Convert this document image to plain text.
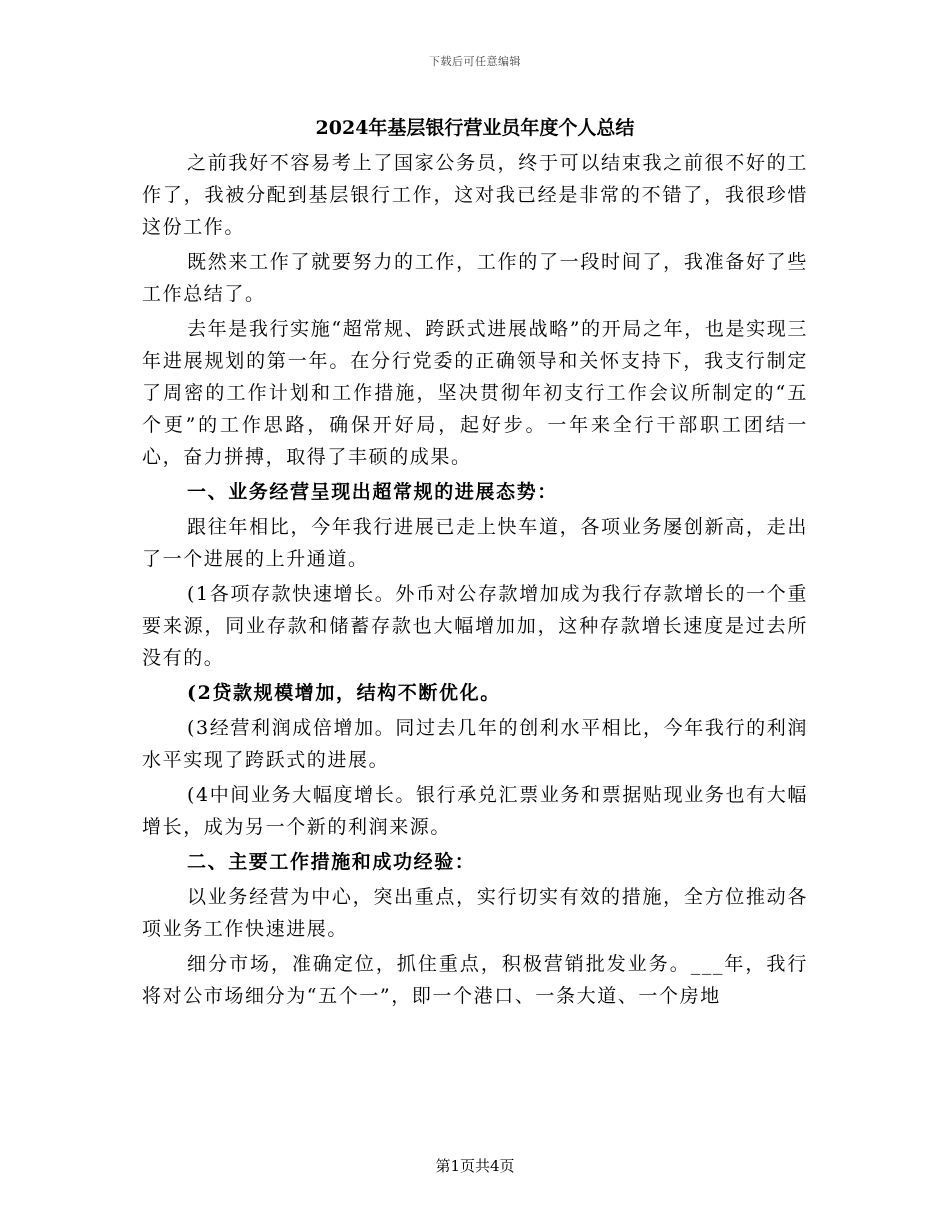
下载后可任意编辑
2024年基层银行营业员年度个人总结

之前我好不容易考上了国家公务员，终于可以结束我之前很不好的工作了，我被分配到基层银行工作，这对我已经是非常的不错了，我很珍惜这份工作。

既然来工作了就要努力的工作，工作的了一段时间了，我准备好了些工作总结了。

去年是我行实施“超常规、跨跃式进展战略”的开局之年，也是实现三年进展规划的第一年。在分行党委的正确领导和关怀支持下，我支行制定了周密的工作计划和工作措施，坚决贯彻年初支行工作会议所制定的“五个更”的工作思路，确保开好局，起好步。一年来全行干部职工团结一心，奋力拼搏，取得了丰硕的成果。

一、业务经营呈现出超常规的进展态势：

跟往年相比，今年我行进展已走上快车道，各项业务屡创新高，走出了一个进展的上升通道。

(1各项存款快速增长。外币对公存款增加成为我行存款增长的一个重要来源，同业存款和储蓄存款也大幅增加加，这种存款增长速度是过去所没有的。

(2贷款规模增加，结构不断优化。

(3经营利润成倍增加。同过去几年的创利水平相比，今年我行的利润水平实现了跨跃式的进展。

(4中间业务大幅度增长。银行承兑汇票业务和票据贴现业务也有大幅增长，成为另一个新的利润来源。

二、主要工作措施和成功经验：

以业务经营为中心，突出重点，实行切实有效的措施，全方位推动各项业务工作快速进展。

细分市场，准确定位，抓住重点，积极营销批发业务。___年，我行将对公市场细分为“五个一”，即一个港口、一条大道、一个房地

第1页共4页
